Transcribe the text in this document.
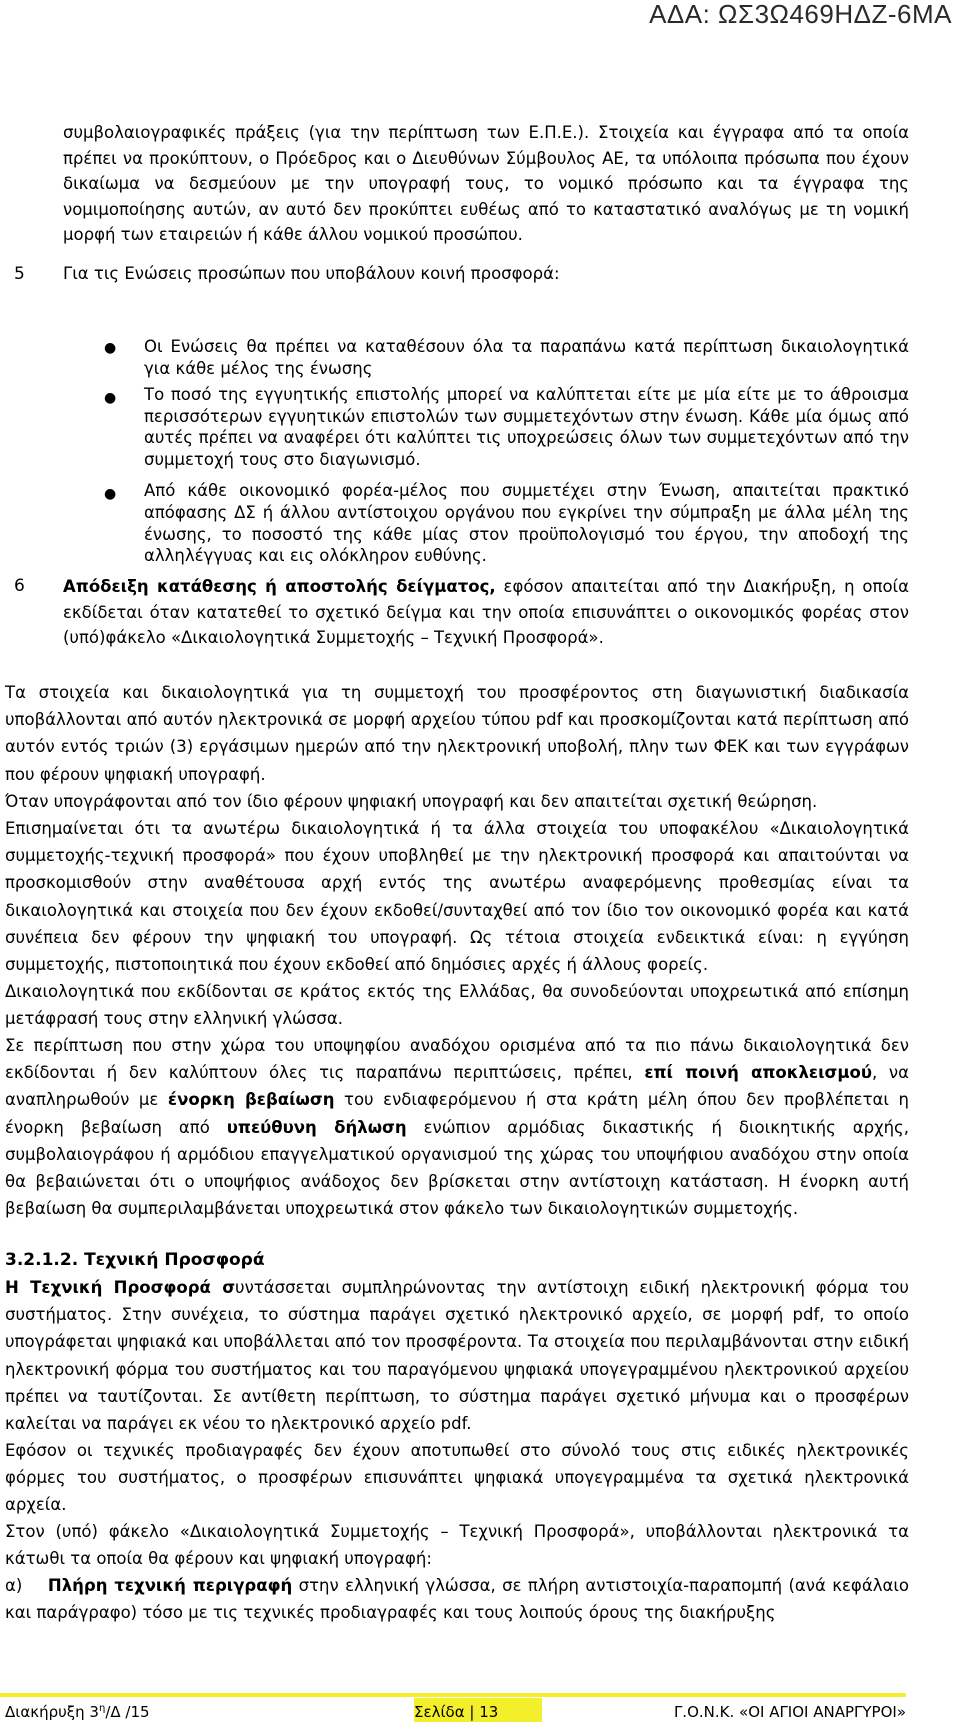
ΑΔΑ: ΩΣ3Ω469ΗΔΖ-6ΜΑ
συμβολαιογραφικές πράξεις (για την περίπτωση των Ε.Π.Ε.). Στοιχεία και έγγραφα από τα οποία πρέπει να προκύπτουν, ο Πρόεδρος και ο Διευθύνων Σύμβουλος ΑΕ, τα υπόλοιπα πρόσωπα που έχουν δικαίωμα να δεσμεύουν με την υπογραφή τους, το νομικό πρόσωπο και τα έγγραφα της νομιμοποίησης αυτών, αν αυτό δεν προκύπτει ευθέως από το καταστατικό αναλόγως με τη νομική μορφή των εταιρειών ή κάθε άλλου νομικού προσώπου.
5 Για τις Ενώσεις προσώπων που υποβάλουν κοινή προσφορά:
● Οι Ενώσεις θα πρέπει να καταθέσουν όλα τα παραπάνω κατά περίπτωση δικαιολογητικά για κάθε μέλος της ένωσης
● Το ποσό της εγγυητικής επιστολής μπορεί να καλύπτεται είτε με μία είτε με το άθροισμα περισσότερων εγγυητικών επιστολών των συμμετεχόντων στην ένωση. Κάθε μία όμως από αυτές πρέπει να αναφέρει ότι καλύπτει τις υποχρεώσεις όλων των συμμετεχόντων από την συμμετοχή τους στο διαγωνισμό.
● Από κάθε οικονομικό φορέα-μέλος που συμμετέχει στην Ένωση, απαιτείται πρακτικό απόφασης ΔΣ ή άλλου αντίστοιχου οργάνου που εγκρίνει την σύμπραξη με άλλα μέλη της ένωσης, το ποσοστό της κάθε μίας στον προϋπολογισμό του έργου, την αποδοχή της αλληλέγγυας και εις ολόκληρον ευθύνης.
6 Απόδειξη κατάθεσης ή αποστολής δείγματος, εφόσον απαιτείται από την Διακήρυξη, η οποία εκδίδεται όταν κατατεθεί το σχετικό δείγμα και την οποία επισυνάπτει ο οικονομικός φορέας στον (υπό)φάκελο «Δικαιολογητικά Συμμετοχής – Τεχνική Προσφορά».
Τα στοιχεία και δικαιολογητικά για τη συμμετοχή του προσφέροντος στη διαγωνιστική διαδικασία υποβάλλονται από αυτόν ηλεκτρονικά σε μορφή αρχείου τύπου pdf και προσκομίζονται κατά περίπτωση από αυτόν εντός τριών (3) εργάσιμων ημερών από την ηλεκτρονική υποβολή, πλην των ΦΕΚ και των εγγράφων που φέρουν ψηφιακή υπογραφή.
Όταν υπογράφονται από τον ίδιο φέρουν ψηφιακή υπογραφή και δεν απαιτείται σχετική θεώρηση.
Επισημαίνεται ότι τα ανωτέρω δικαιολογητικά ή τα άλλα στοιχεία του υποφακέλου «Δικαιολογητικά συμμετοχής-τεχνική προσφορά» που έχουν υποβληθεί με την ηλεκτρονική προσφορά και απαιτούνται να προσκομισθούν στην αναθέτουσα αρχή εντός της ανωτέρω αναφερόμενης προθεσμίας είναι τα δικαιολογητικά και στοιχεία που δεν έχουν εκδοθεί/συνταχθεί από τον ίδιο τον οικονομικό φορέα και κατά συνέπεια δεν φέρουν την ψηφιακή του υπογραφή. Ως τέτοια στοιχεία ενδεικτικά είναι: η εγγύηση συμμετοχής, πιστοποιητικά που έχουν εκδοθεί από δημόσιες αρχές ή άλλους φορείς.
Δικαιολογητικά που εκδίδονται σε κράτος εκτός της Ελλάδας, θα συνοδεύονται υποχρεωτικά από επίσημη μετάφρασή τους στην ελληνική γλώσσα.
Σε περίπτωση που στην χώρα του υποψηφίου αναδόχου ορισμένα από τα πιο πάνω δικαιολογητικά δεν εκδίδονται ή δεν καλύπτουν όλες τις παραπάνω περιπτώσεις, πρέπει, επί ποινή αποκλεισμού, να αναπληρωθούν με ένορκη βεβαίωση του ενδιαφερόμενου ή στα κράτη μέλη όπου δεν προβλέπεται η ένορκη βεβαίωση από υπεύθυνη δήλωση ενώπιον αρμόδιας δικαστικής ή διοικητικής αρχής, συμβολαιογράφου ή αρμόδιου επαγγελματικού οργανισμού της χώρας του υποψήφιου αναδόχου στην οποία θα βεβαιώνεται ότι ο υποψήφιος ανάδοχος δεν βρίσκεται στην αντίστοιχη κατάσταση. Η ένορκη αυτή βεβαίωση θα συμπεριλαμβάνεται υποχρεωτικά στον φάκελο των δικαιολογητικών συμμετοχής.
3.2.1.2. Τεχνική Προσφορά
Η Τεχνική Προσφορά συντάσσεται συμπληρώνοντας την αντίστοιχη ειδική ηλεκτρονική φόρμα του συστήματος. Στην συνέχεια, το σύστημα παράγει σχετικό ηλεκτρονικό αρχείο, σε μορφή pdf, το οποίο υπογράφεται ψηφιακά και υποβάλλεται από τον προσφέροντα. Τα στοιχεία που περιλαμβάνονται στην ειδική ηλεκτρονική φόρμα του συστήματος και του παραγόμενου ψηφιακά υπογεγραμμένου ηλεκτρονικού αρχείου πρέπει να ταυτίζονται. Σε αντίθετη περίπτωση, το σύστημα παράγει σχετικό μήνυμα και ο προσφέρων καλείται να παράγει εκ νέου το ηλεκτρονικό αρχείο pdf.
Εφόσον οι τεχνικές προδιαγραφές δεν έχουν αποτυπωθεί στο σύνολό τους στις ειδικές ηλεκτρονικές φόρμες του συστήματος, ο προσφέρων επισυνάπτει ψηφιακά υπογεγραμμένα τα σχετικά ηλεκτρονικά αρχεία.
Στον (υπό) φάκελο «Δικαιολογητικά Συμμετοχής – Τεχνική Προσφορά», υποβάλλονται ηλεκτρονικά τα κάτωθι τα οποία θα φέρουν και ψηφιακή υπογραφή:
α)    Πλήρη τεχνική περιγραφή στην ελληνική γλώσσα, σε πλήρη αντιστοιχία-παραπομπή (ανά κεφάλαιο και παράγραφο) τόσο με τις τεχνικές προδιαγραφές και τους λοιπούς όρους της διακήρυξης
Διακήρυξη $3^\eta/\Delta$ /15	Σελίδα | 13	Γ.Ο.Ν.Κ. «ΟΙ ΑΓΙΟΙ ΑΝΑΡΓΥΡΟΙ»
